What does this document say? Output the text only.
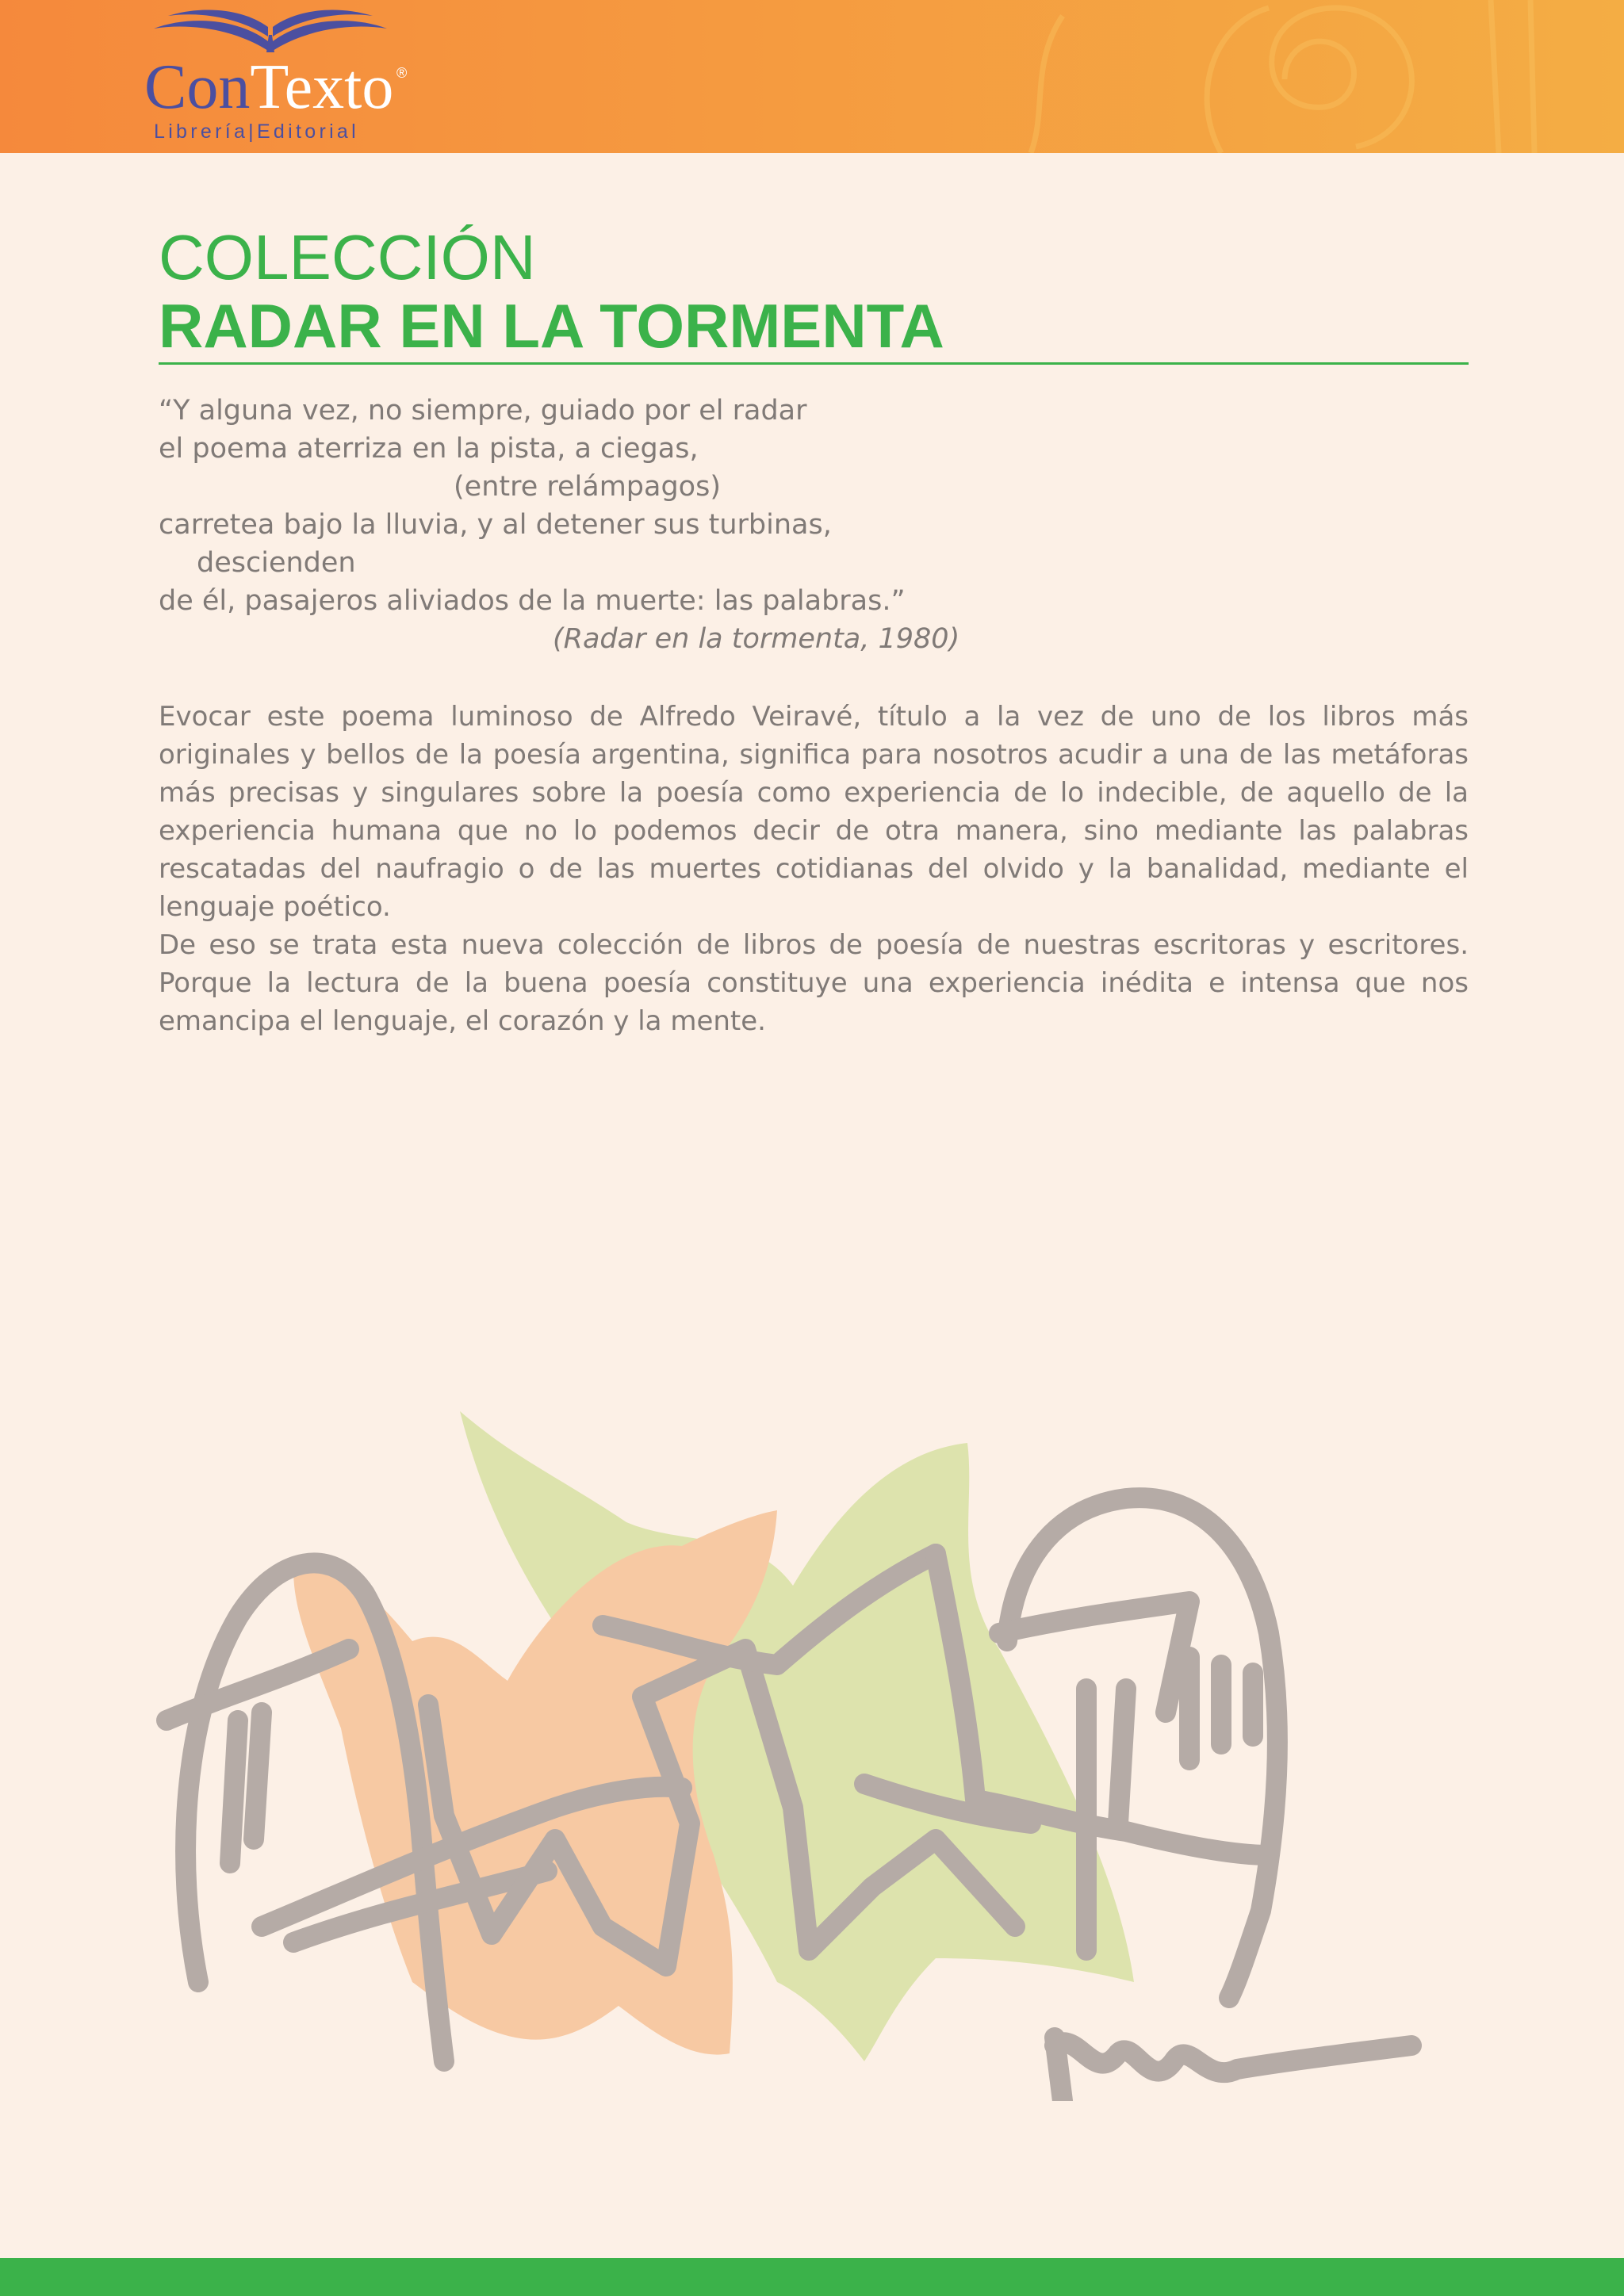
ConTexto ®

Librería|Editorial

COLECCIÓN
RADAR EN LA TORMENTA

“Y alguna vez, no siempre, guiado por el radar

el poema aterriza en la pista, a ciegas,

(entre relámpagos)

carretea bajo la lluvia, y al detener sus turbinas,

descienden

de él, pasajeros aliviados de la muerte: las palabras.”

(Radar en la tormenta, 1980)

Evocar este poema luminoso de Alfredo Veiravé, título a la vez de uno de los libros más originales y bellos de la poesía argentina, significa para nosotros acudir a una de las metáforas más precisas y singulares sobre la poesía como experiencia de lo indecible, de aquello de la experiencia humana que no lo podemos decir de otra manera, sino mediante las palabras rescatadas del naufragio o de las muertes cotidianas del olvido y la banalidad, mediante el lenguaje poético.

De eso se trata esta nueva colección de libros de poesía de nuestras escritoras y escritores. Porque la lectura de la buena poesía constituye una experiencia inédita e intensa que nos emancipa el lenguaje, el corazón y la mente.
